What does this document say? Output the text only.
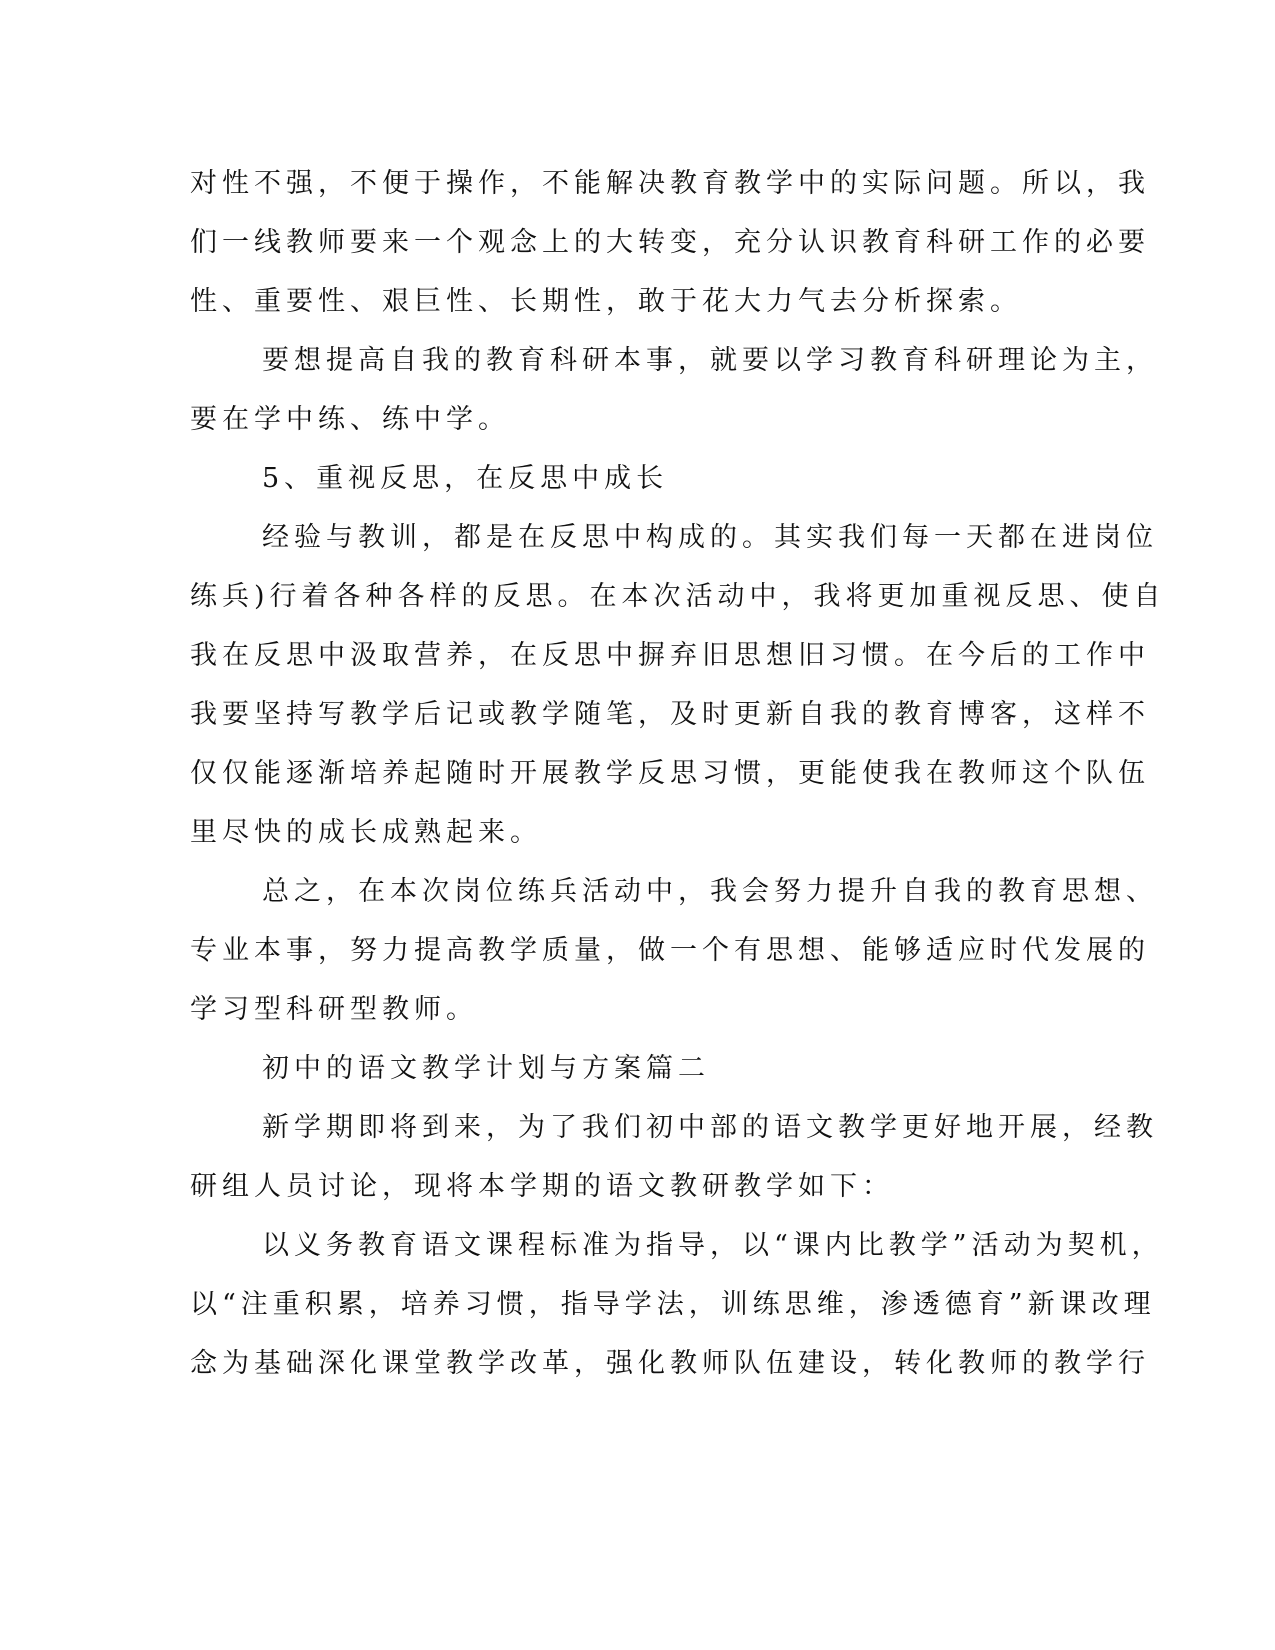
对性不强，不便于操作，不能解决教育教学中的实际问题。所以，我
们一线教师要来一个观念上的大转变，充分认识教育科研工作的必要
性、重要性、艰巨性、长期性，敢于花大力气去分析探索。
要想提高自我的教育科研本事，就要以学习教育科研理论为主，
要在学中练、练中学。
5、重视反思，在反思中成长
经验与教训，都是在反思中构成的。其实我们每一天都在进岗位
练兵)行着各种各样的反思。在本次活动中，我将更加重视反思、使自
我在反思中汲取营养，在反思中摒弃旧思想旧习惯。在今后的工作中
我要坚持写教学后记或教学随笔，及时更新自我的教育博客，这样不
仅仅能逐渐培养起随时开展教学反思习惯，更能使我在教师这个队伍
里尽快的成长成熟起来。
总之，在本次岗位练兵活动中，我会努力提升自我的教育思想、
专业本事，努力提高教学质量，做一个有思想、能够适应时代发展的
学习型科研型教师。
初中的语文教学计划与方案篇二
新学期即将到来，为了我们初中部的语文教学更好地开展，经教
研组人员讨论，现将本学期的语文教研教学如下：
以义务教育语文课程标准为指导，以“课内比教学”活动为契机，
以“注重积累，培养习惯，指导学法，训练思维，渗透德育”新课改理
念为基础深化课堂教学改革，强化教师队伍建设，转化教师的教学行
